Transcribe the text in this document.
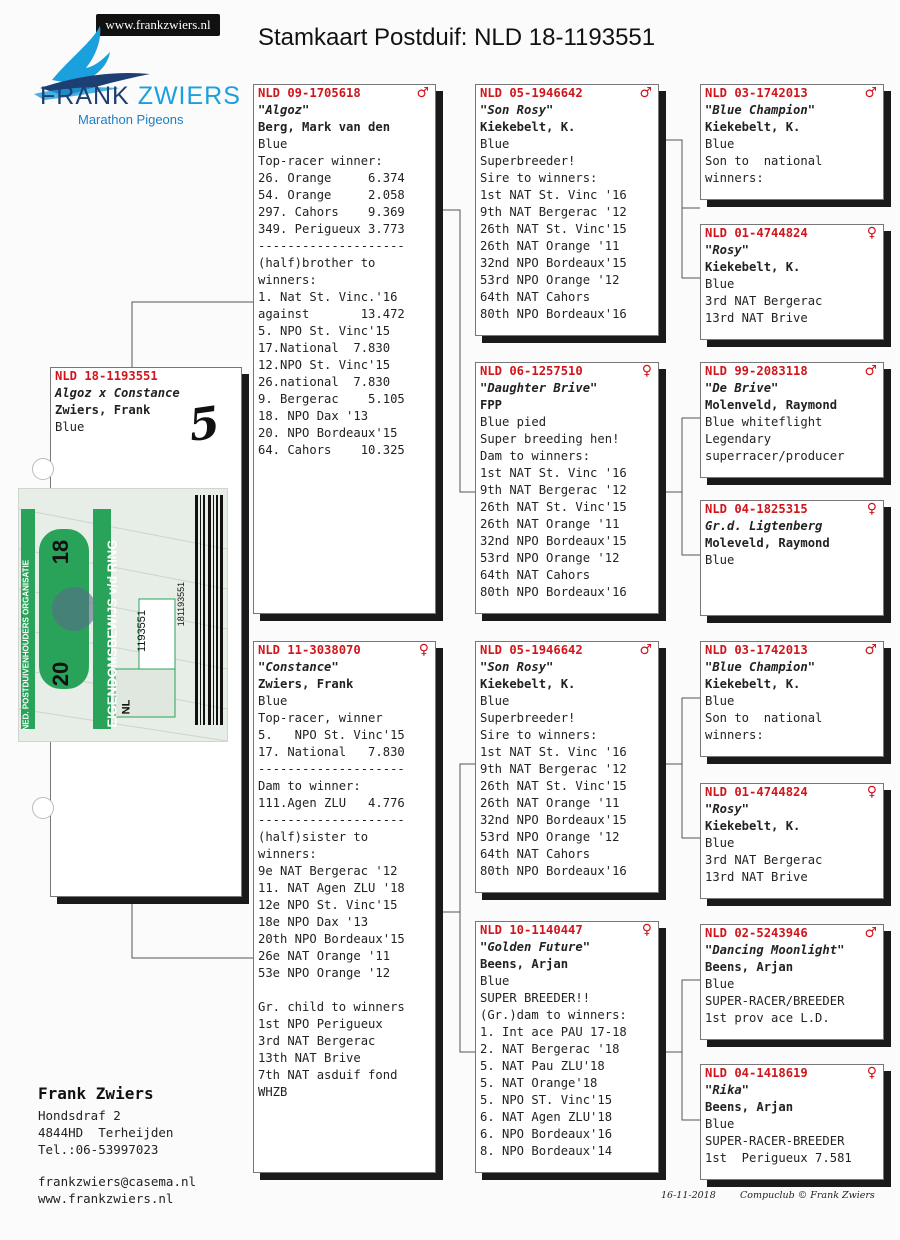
www.frankzwiers.nl
FRANK ZWIERS
Marathon Pigeons
Stamkaart Postduif: NLD 18-1193551
NLD 18-1193551
Algoz x Constance
Zwiers, Frank
Blue	5
NED. POSTDUIVENHOUDERS ORGANISATIE	EIGENDOMSBEWIJS v/d RING
20
18
1193551
NL
181193551
NLD 09-1705618	♂
"Algoz"
Berg, Mark van den
Blue
Top-racer winner:
26. Orange     6.374
54. Orange     2.058
297. Cahors    9.369
349. Perigueux 3.773
--------------------
(half)brother to
winners:
1. Nat St. Vinc.'16
against       13.472
5. NPO St. Vinc'15
17.National  7.830
12.NPO St. Vinc'15
26.national  7.830
9. Bergerac    5.105
18. NPO Dax '13
20. NPO Bordeaux'15
64. Cahors    10.325
NLD 11-3038070	♀
"Constance"
Zwiers, Frank
Blue
Top-racer, winner
5.   NPO St. Vinc'15
17. National   7.830
--------------------
Dam to winner:
111.Agen ZLU   4.776
--------------------
(half)sister to
winners:
9e NAT Bergerac '12
11. NAT Agen ZLU '18
12e NPO St. Vinc'15
18e NPO Dax '13
20th NPO Bordeaux'15
26e NAT Orange '11
53e NPO Orange '12
Gr. child to winners
1st NPO Perigueux
3rd NAT Bergerac
13th NAT Brive
7th NAT asduif fond
WHZB
NLD 05-1946642	♂
"Son Rosy"
Kiekebelt, K.
Blue
Superbreeder!
Sire to winners:
1st NAT St. Vinc '16
9th NAT Bergerac '12
26th NAT St. Vinc'15
26th NAT Orange '11
32nd NPO Bordeaux'15
53rd NPO Orange '12
64th NAT Cahors
80th NPO Bordeaux'16
NLD 06-1257510	♀
"Daughter Brive"
FPP
Blue pied
Super breeding hen!
Dam to winners:
1st NAT St. Vinc '16
9th NAT Bergerac '12
26th NAT St. Vinc'15
26th NAT Orange '11
32nd NPO Bordeaux'15
53rd NPO Orange '12
64th NAT Cahors
80th NPO Bordeaux'16
NLD 05-1946642	♂
"Son Rosy"
Kiekebelt, K.
Blue
Superbreeder!
Sire to winners:
1st NAT St. Vinc '16
9th NAT Bergerac '12
26th NAT St. Vinc'15
26th NAT Orange '11
32nd NPO Bordeaux'15
53rd NPO Orange '12
64th NAT Cahors
80th NPO Bordeaux'16
NLD 10-1140447	♀
"Golden Future"
Beens, Arjan
Blue
SUPER BREEDER!!
(Gr.)dam to winners:
1. Int ace PAU 17-18
2. NAT Bergerac '18
5. NAT Pau ZLU'18
5. NAT Orange'18
5. NPO ST. Vinc'15
6. NAT Agen ZLU'18
6. NPO Bordeaux'16
8. NPO Bordeaux'14
NLD 03-1742013	♂
"Blue Champion"
Kiekebelt, K.
Blue
Son to  national
winners:
NLD 01-4744824	♀
"Rosy"
Kiekebelt, K.
Blue
3rd NAT Bergerac
13rd NAT Brive
NLD 99-2083118	♂
"De Brive"
Molenveld, Raymond
Blue whiteflight
Legendary
superracer/producer
NLD 04-1825315	♀
Gr.d. Ligtenberg
Moleveld, Raymond
Blue
NLD 03-1742013	♂
"Blue Champion"
Kiekebelt, K.
Blue
Son to  national
winners:
NLD 01-4744824	♀
"Rosy"
Kiekebelt, K.
Blue
3rd NAT Bergerac
13rd NAT Brive
NLD 02-5243946	♂
"Dancing Moonlight"
Beens, Arjan
Blue
SUPER-RACER/BREEDER
1st prov ace L.D.
NLD 04-1418619	♀
"Rika"
Beens, Arjan
Blue
SUPER-RACER-BREEDER
1st  Perigueux 7.581
Frank Zwiers
Hondsdraf 2
4844HD  Terheijden
Tel.:06-53997023
frankzwiers@casema.nl
www.frankzwiers.nl	16-11-2018	Compuclub © Frank Zwiers
